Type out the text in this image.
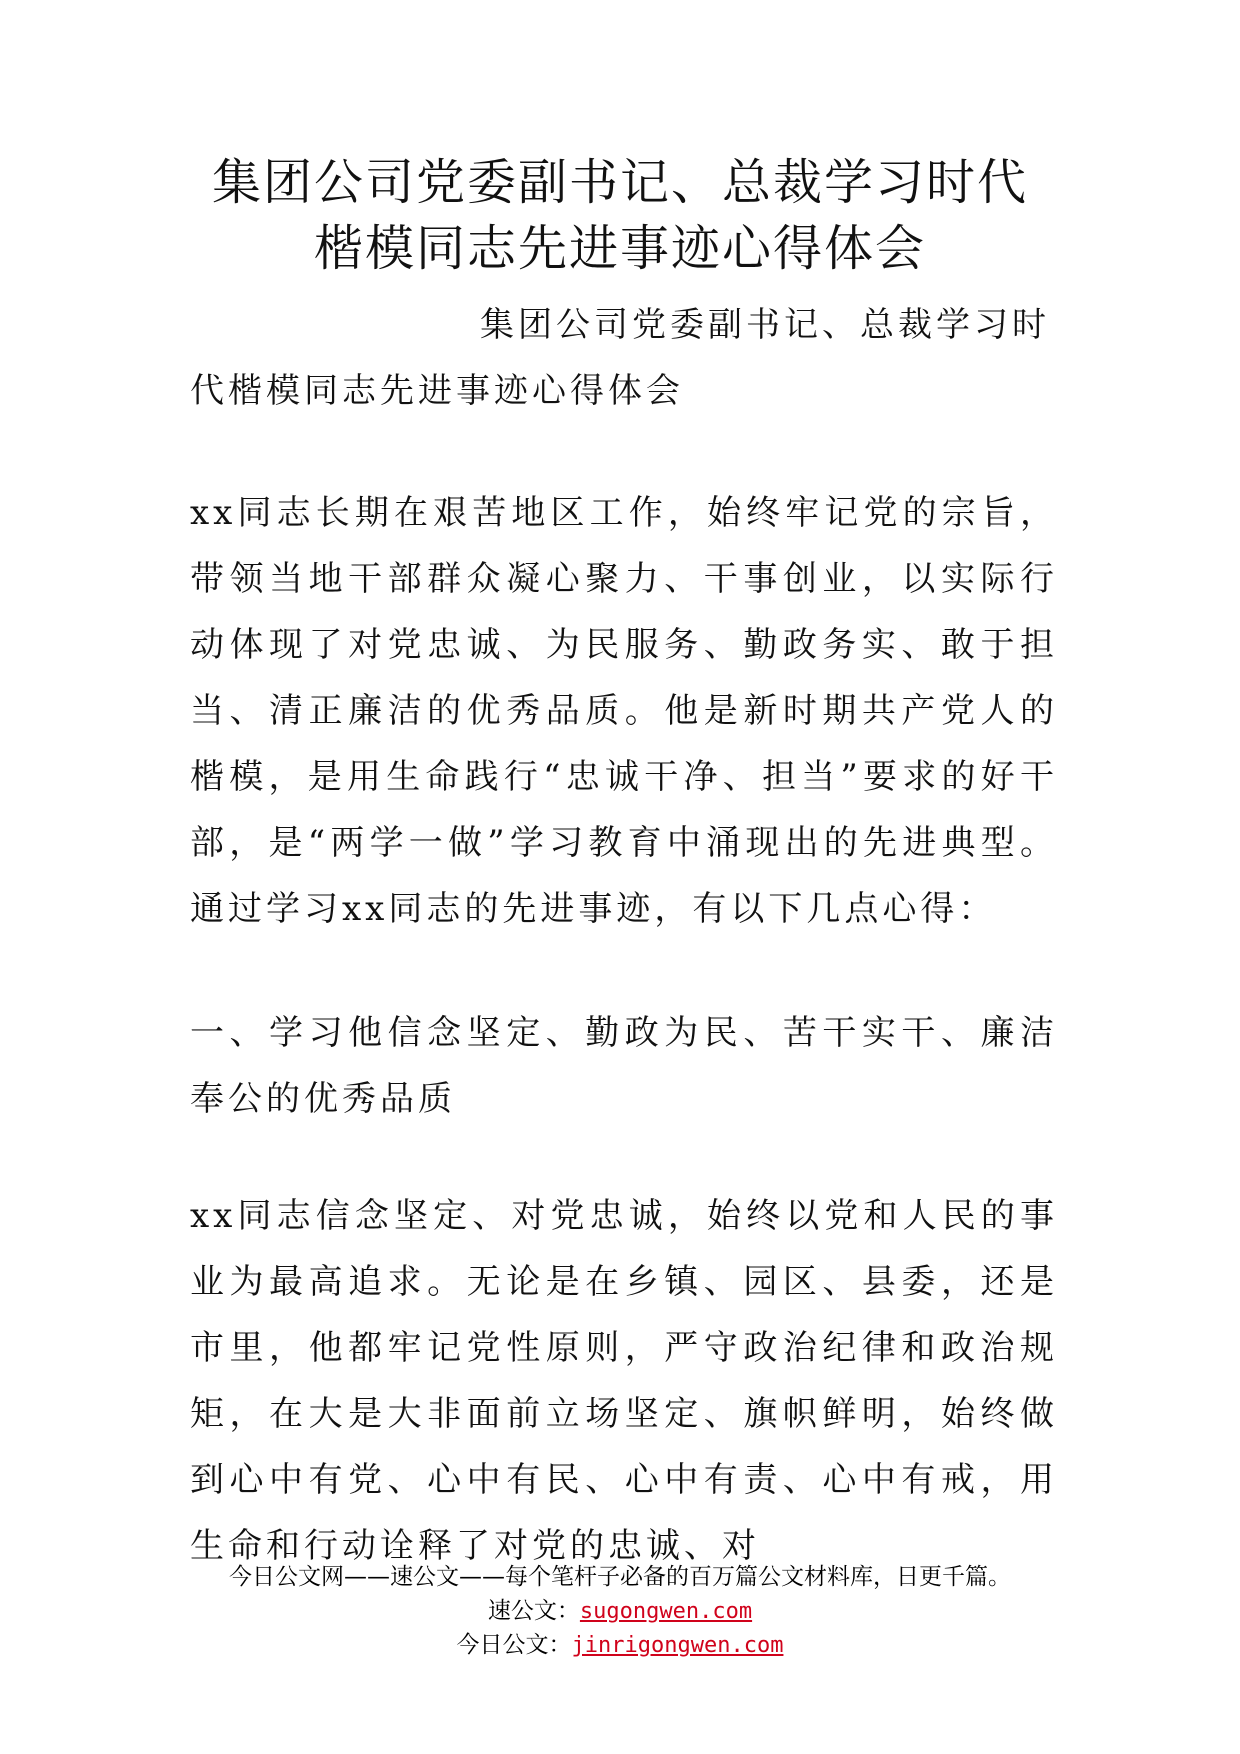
集团公司党委副书记、总裁学习时代楷模同志先进事迹心得体会
集团公司党委副书记、总裁学习时代楷模同志先进事迹心得体会
xx同志长期在艰苦地区工作，始终牢记党的宗旨，带领当地干部群众凝心聚力、干事创业，以实际行动体现了对党忠诚、为民服务、勤政务实、敢于担当、清正廉洁的优秀品质。他是新时期共产党人的楷模，是用生命践行“忠诚干净、担当”要求的好干部，是“两学一做”学习教育中涌现出的先进典型。通过学习xx同志的先进事迹，有以下几点心得：
一、学习他信念坚定、勤政为民、苦干实干、廉洁奉公的优秀品质
xx同志信念坚定、对党忠诚，始终以党和人民的事业为最高追求。无论是在乡镇、园区、县委，还是市里，他都牢记党性原则，严守政治纪律和政治规矩，在大是大非面前立场坚定、旗帜鲜明，始终做到心中有党、心中有民、心中有责、心中有戒，用生命和行动诠释了对党的忠诚、对
今日公文网——速公文——每个笔杆子必备的百万篇公文材料库，日更千篇。
速公文：sugongwen.com
今日公文：jinrigongwen.com
